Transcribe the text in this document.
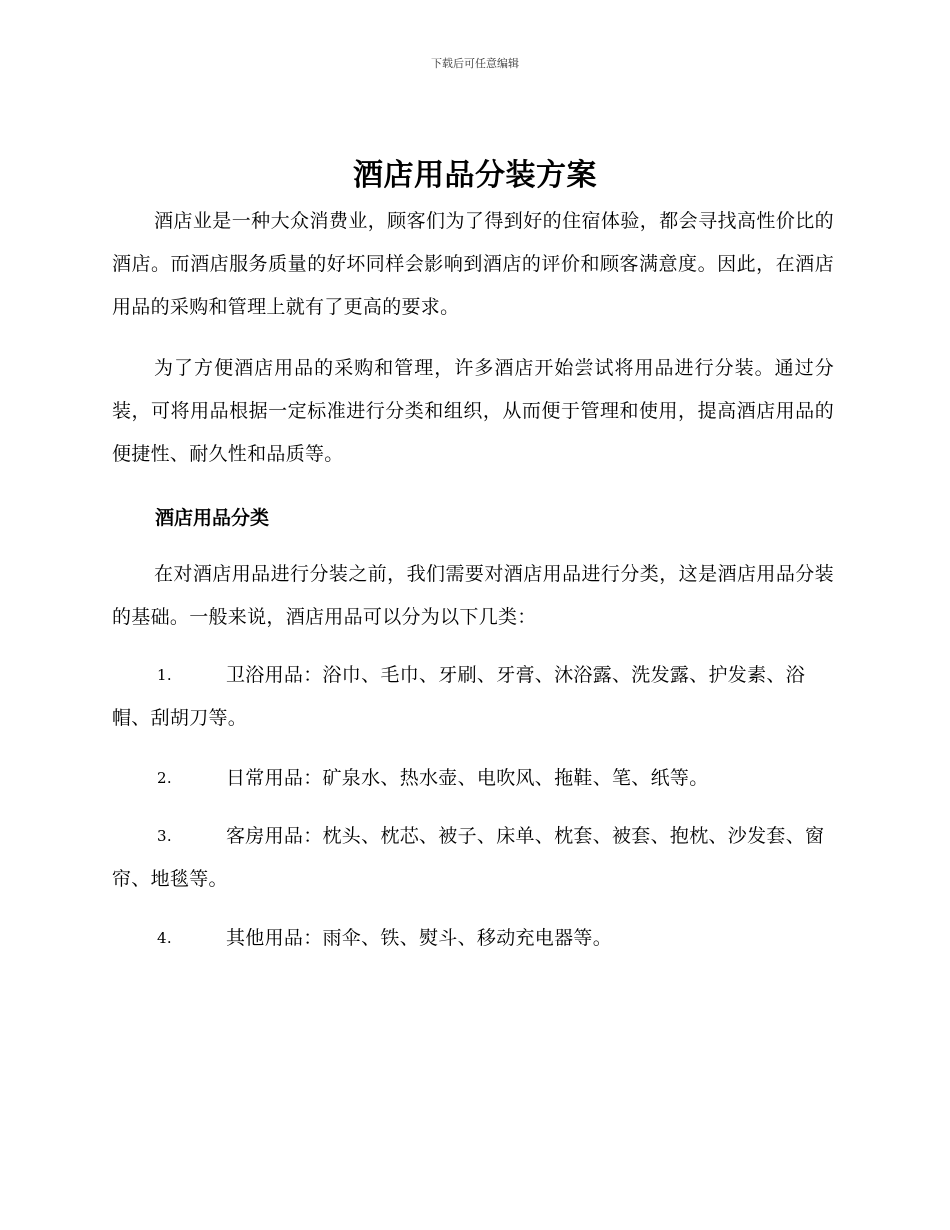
下载后可任意编辑
酒店用品分装方案

酒店业是一种大众消费业，顾客们为了得到好的住宿体验，都会寻找高性价比的酒店。而酒店服务质量的好坏同样会影响到酒店的评价和顾客满意度。因此，在酒店用品的采购和管理上就有了更高的要求。

为了方便酒店用品的采购和管理，许多酒店开始尝试将用品进行分装。通过分装，可将用品根据一定标准进行分类和组织，从而便于管理和使用，提高酒店用品的便捷性、耐久性和品质等。

酒店用品分类

在对酒店用品进行分装之前，我们需要对酒店用品进行分类，这是酒店用品分装的基础。一般来说，酒店用品可以分为以下几类：

1.	卫浴用品：浴巾、毛巾、牙刷、牙膏、沐浴露、洗发露、护发素、浴帽、刮胡刀等。

2.	日常用品：矿泉水、热水壶、电吹风、拖鞋、笔、纸等。

3.	客房用品：枕头、枕芯、被子、床单、枕套、被套、抱枕、沙发套、窗帘、地毯等。

4.	其他用品：雨伞、铁、熨斗、移动充电器等。
